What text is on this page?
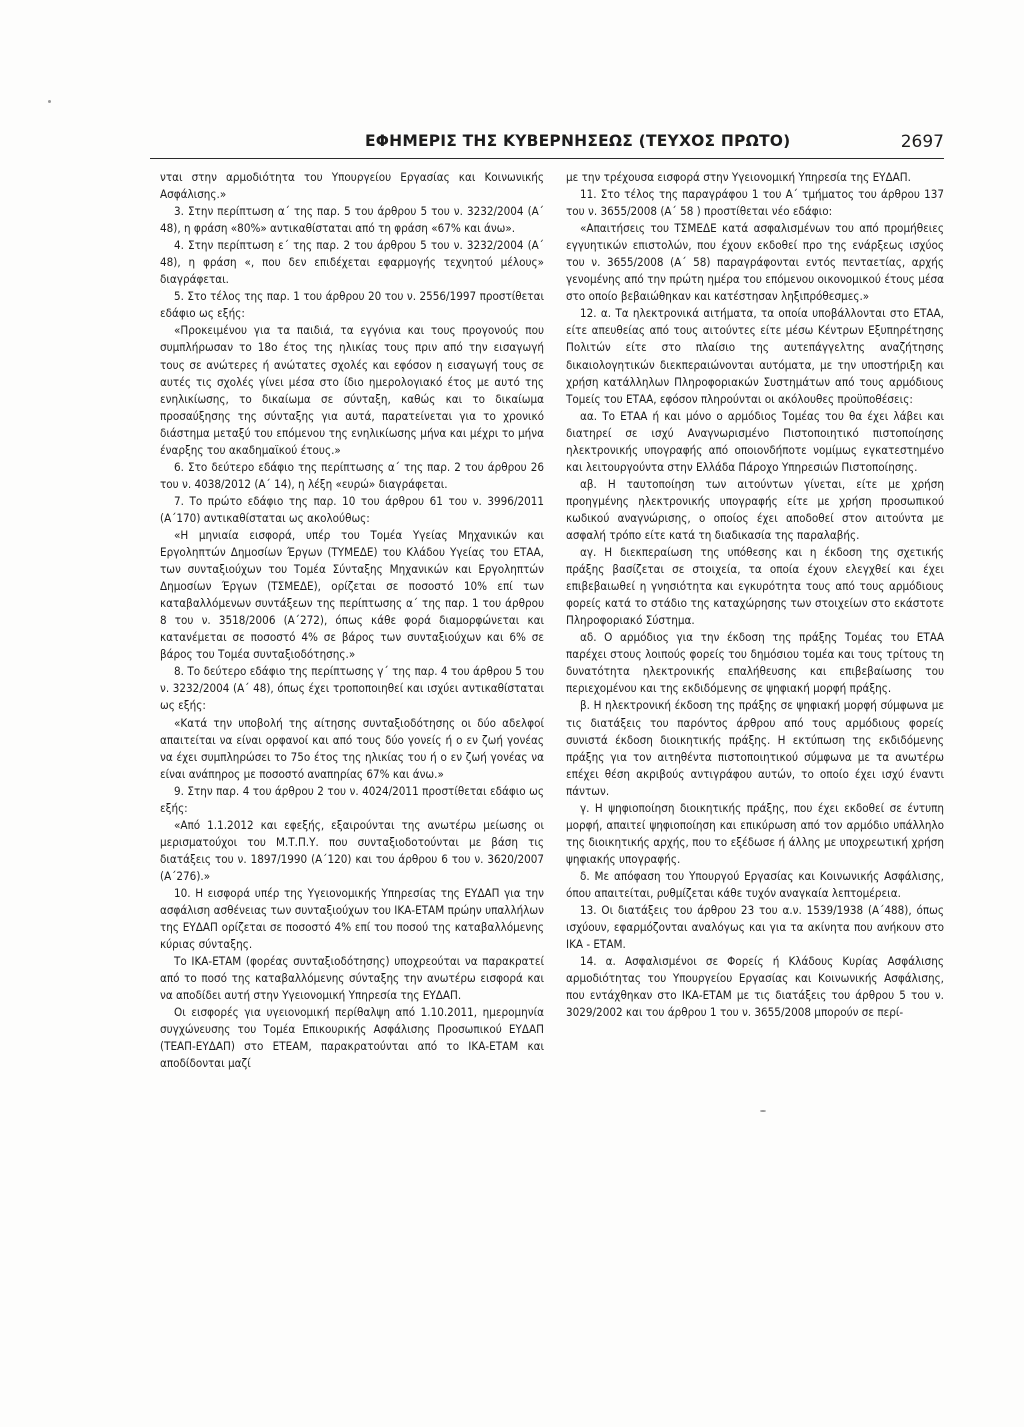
ΕΦΗΜΕΡΙΣ ΤΗΣ ΚΥΒΕΡΝΗΣΕΩΣ (ΤΕΥΧΟΣ ΠΡΩΤΟ)	2697

νται στην αρμοδιότητα του Υπουργείου Εργασίας και Κοινωνικής Ασφάλισης.»

3. Στην περίπτωση α΄ της παρ. 5 του άρθρου 5 του ν. 3232/2004 (Α΄ 48), η φράση «80%» αντικαθίσταται από τη φράση «67% και άνω».

4. Στην περίπτωση ε΄ της παρ. 2 του άρθρου 5 του ν. 3232/2004 (Α΄ 48), η φράση «, που δεν επιδέχεται εφαρμογής τεχνητού μέλους» διαγράφεται.

5. Στο τέλος της παρ. 1 του άρθρου 20 του ν. 2556/1997 προστίθεται εδάφιο ως εξής:

«Προκειμένου για τα παιδιά, τα εγγόνια και τους προγονούς που συμπλήρωσαν το 18ο έτος της ηλικίας τους πριν από την εισαγωγή τους σε ανώτερες ή ανώτατες σχολές και εφόσον η εισαγωγή τους σε αυτές τις σχολές γίνει μέσα στο ίδιο ημερολογιακό έτος με αυτό της ενηλικίωσης, το δικαίωμα σε σύνταξη, καθώς και το δικαίωμα προσαύξησης της σύνταξης για αυτά, παρατείνεται για το χρονικό διάστημα μεταξύ του επόμενου της ενηλικίωσης μήνα και μέχρι το μήνα έναρξης του ακαδημαϊκού έτους.»

6. Στο δεύτερο εδάφιο της περίπτωσης α΄ της παρ. 2 του άρθρου 26 του ν. 4038/2012 (Α΄ 14), η λέξη «ευρώ» διαγράφεται.

7. Το πρώτο εδάφιο της παρ. 10 του άρθρου 61 του ν. 3996/2011 (Α΄170) αντικαθίσταται ως ακολούθως:

«Η μηνιαία εισφορά, υπέρ του Τομέα Υγείας Μηχανικών και Εργοληπτών Δημοσίων Έργων (ΤΥΜΕΔΕ) του Κλάδου Υγείας του ΕΤΑΑ, των συνταξιούχων του Τομέα Σύνταξης Μηχανικών και Εργοληπτών Δημοσίων Έργων (ΤΣΜΕΔΕ), ορίζεται σε ποσοστό 10% επί των καταβαλλόμενων συντάξεων της περίπτωσης α΄ της παρ. 1 του άρθρου 8 του ν. 3518/2006 (Α΄272), όπως κάθε φορά διαμορφώνεται και κατανέμεται σε ποσοστό 4% σε βάρος των συνταξιούχων και 6% σε βάρος του Τομέα συνταξιοδότησης.»

8. Το δεύτερο εδάφιο της περίπτωσης γ΄ της παρ. 4 του άρθρου 5 του ν. 3232/2004 (Α΄ 48), όπως έχει τροποποιηθεί και ισχύει αντικαθίσταται ως εξής:

«Κατά την υποβολή της αίτησης συνταξιοδότησης οι δύο αδελφοί απαιτείται να είναι ορφανοί και από τους δύο γονείς ή ο εν ζωή γονέας να έχει συμπληρώσει το 75ο έτος της ηλικίας του ή ο εν ζωή γονέας να είναι ανάπηρος με ποσοστό αναπηρίας 67% και άνω.»

9. Στην παρ. 4 του άρθρου 2 του ν. 4024/2011 προστίθεται εδάφιο ως εξής:

«Από 1.1.2012 και εφεξής, εξαιρούνται της ανωτέρω μείωσης οι μερισματούχοι του Μ.Τ.Π.Υ. που συνταξιοδοτούνται με βάση τις διατάξεις του ν. 1897/1990 (Α΄120) και του άρθρου 6 του ν. 3620/2007 (Α΄276).»

10. Η εισφορά υπέρ της Υγειονομικής Υπηρεσίας της ΕΥΔΑΠ για την ασφάλιση ασθένειας των συνταξιούχων του ΙΚΑ-ΕΤΑΜ πρώην υπαλλήλων της ΕΥΔΑΠ ορίζεται σε ποσοστό 4% επί του ποσού της καταβαλλόμενης κύριας σύνταξης.

Το ΙΚΑ-ΕΤΑΜ (φορέας συνταξιοδότησης) υποχρεούται να παρακρατεί από το ποσό της καταβαλλόμενης σύνταξης την ανωτέρω εισφορά και να αποδίδει αυτή στην Υγειονομική Υπηρεσία της ΕΥΔΑΠ.

Οι εισφορές για υγειονομική περίθαλψη από 1.10.2011, ημερομηνία συγχώνευσης του Τομέα Επικουρικής Ασφάλισης Προσωπικού ΕΥΔΑΠ (ΤΕΑΠ-ΕΥΔΑΠ) στο ΕΤΕΑΜ, παρακρατούνται από το ΙΚΑ-ΕΤΑΜ και αποδίδονται μαζί

με την τρέχουσα εισφορά στην Υγειονομική Υπηρεσία της ΕΥΔΑΠ.

11. Στο τέλος της παραγράφου 1 του Α΄ τμήματος του άρθρου 137 του ν. 3655/2008 (Α΄ 58 ) προστίθεται νέο εδάφιο:

«Απαιτήσεις του ΤΣΜΕΔΕ κατά ασφαλισμένων του από προμήθειες εγγυητικών επιστολών, που έχουν εκδοθεί προ της ενάρξεως ισχύος του ν. 3655/2008 (Α΄ 58) παραγράφονται εντός πενταετίας, αρχής γενομένης από την πρώτη ημέρα του επόμενου οικονομικού έτους μέσα στο οποίο βεβαιώθηκαν και κατέστησαν ληξιπρόθεσμες.»

12. α. Τα ηλεκτρονικά αιτήματα, τα οποία υποβάλλονται στο ΕΤΑΑ, είτε απευθείας από τους αιτούντες είτε μέσω Κέντρων Εξυπηρέτησης Πολιτών είτε στο πλαίσιο της αυτεπάγγελτης αναζήτησης δικαιολογητικών διεκπεραιώνονται αυτόματα, με την υποστήριξη και χρήση κατάλληλων Πληροφοριακών Συστημάτων από τους αρμόδιους Τομείς του ΕΤΑΑ, εφόσον πληρούνται οι ακόλουθες προϋποθέσεις:

αα. Το ΕΤΑΑ ή και μόνο ο αρμόδιος Τομέας του θα έχει λάβει και διατηρεί σε ισχύ Αναγνωρισμένο Πιστοποιητικό πιστοποίησης ηλεκτρονικής υπογραφής από οποιονδήποτε νομίμως εγκατεστημένο και λειτουργούντα στην Ελλάδα Πάροχο Υπηρεσιών Πιστοποίησης.

αβ. Η ταυτοποίηση των αιτούντων γίνεται, είτε με χρήση προηγμένης ηλεκτρονικής υπογραφής είτε με χρήση προσωπικού κωδικού αναγνώρισης, ο οποίος έχει αποδοθεί στον αιτούντα με ασφαλή τρόπο είτε κατά τη διαδικασία της παραλαβής.

αγ. Η διεκπεραίωση της υπόθεσης και η έκδοση της σχετικής πράξης βασίζεται σε στοιχεία, τα οποία έχουν ελεγχθεί και έχει επιβεβαιωθεί η γνησιότητα και εγκυρότητα τους από τους αρμόδιους φορείς κατά το στάδιο της καταχώρησης των στοιχείων στο εκάστοτε Πληροφοριακό Σύστημα.

αδ. Ο αρμόδιος για την έκδοση της πράξης Τομέας του ΕΤΑΑ παρέχει στους λοιπούς φορείς του δημόσιου τομέα και τους τρίτους τη δυνατότητα ηλεκτρονικής επαλήθευσης και επιβεβαίωσης του περιεχομένου και της εκδιδόμενης σε ψηφιακή μορφή πράξης.

β. Η ηλεκτρονική έκδοση της πράξης σε ψηφιακή μορφή σύμφωνα με τις διατάξεις του παρόντος άρθρου από τους αρμόδιους φορείς συνιστά έκδοση διοικητικής πράξης. Η εκτύπωση της εκδιδόμενης πράξης για τον αιτηθέντα πιστοποιητικού σύμφωνα με τα ανωτέρω επέχει θέση ακριβούς αντιγράφου αυτών, το οποίο έχει ισχύ έναντι πάντων.

γ. Η ψηφιοποίηση διοικητικής πράξης, που έχει εκδοθεί σε έντυπη μορφή, απαιτεί ψηφιοποίηση και επικύρωση από τον αρμόδιο υπάλληλο της διοικητικής αρχής, που το εξέδωσε ή άλλης με υποχρεωτική χρήση ψηφιακής υπογραφής.

δ. Με απόφαση του Υπουργού Εργασίας και Κοινωνικής Ασφάλισης, όπου απαιτείται, ρυθμίζεται κάθε τυχόν αναγκαία λεπτομέρεια.

13. Οι διατάξεις του άρθρου 23 του α.ν. 1539/1938 (Α΄488), όπως ισχύουν, εφαρμόζονται αναλόγως και για τα ακίνητα που ανήκουν στο ΙΚΑ - ΕΤΑΜ.

14. α. Ασφαλισμένοι σε Φορείς ή Κλάδους Κυρίας Ασφάλισης αρμοδιότητας του Υπουργείου Εργασίας και Κοινωνικής Ασφάλισης, που εντάχθηκαν στο ΙΚΑ-ΕΤΑΜ με τις διατάξεις του άρθρου 5 του ν. 3029/2002 και του άρθρου 1 του ν. 3655/2008 μπορούν σε περί-
